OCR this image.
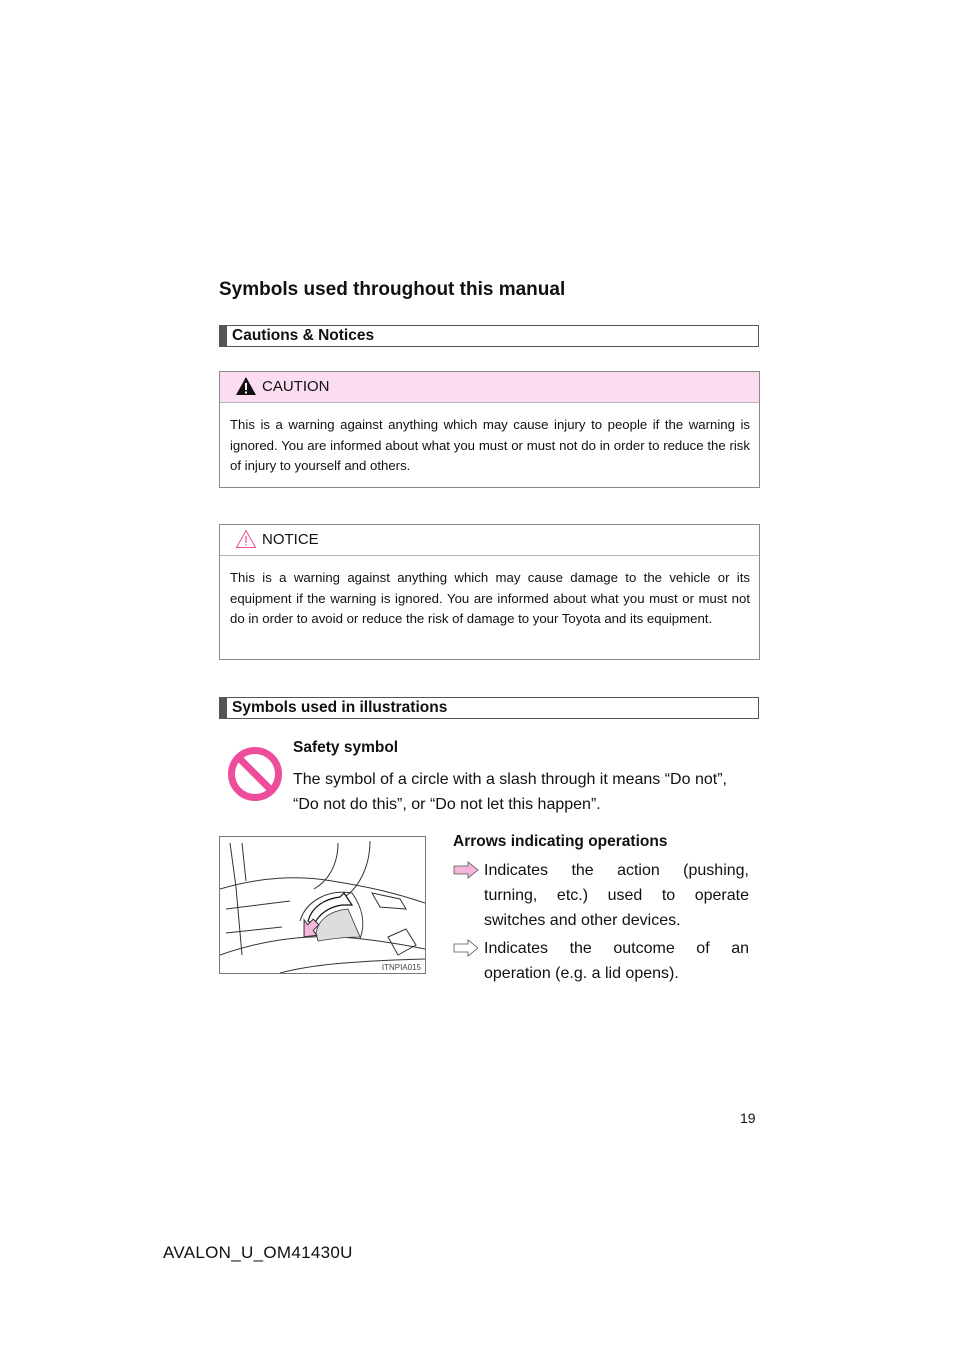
Symbols used throughout this manual
Cautions & Notices
CAUTION
This is a warning against anything which may cause injury to people if the warning is ignored. You are informed about what you must or must not do in order to reduce the risk of injury to yourself and others.
NOTICE
This is a warning against anything which may cause damage to the vehicle or its equipment if the warning is ignored. You are informed about what you must or must not do in order to avoid or reduce the risk of damage to your Toyota and its equipment.
Symbols used in illustrations
Safety symbol
The symbol of a circle with a slash through it means “Do not”,
“Do not do this”, or “Do not let this happen”.
ITNPIA015
Arrows indicating operations
Indicates the action (pushing, turning, etc.) used to operate switches and other devices.
Indicates the outcome of an operation (e.g. a lid opens).
19
AVALON_U_OM41430U
